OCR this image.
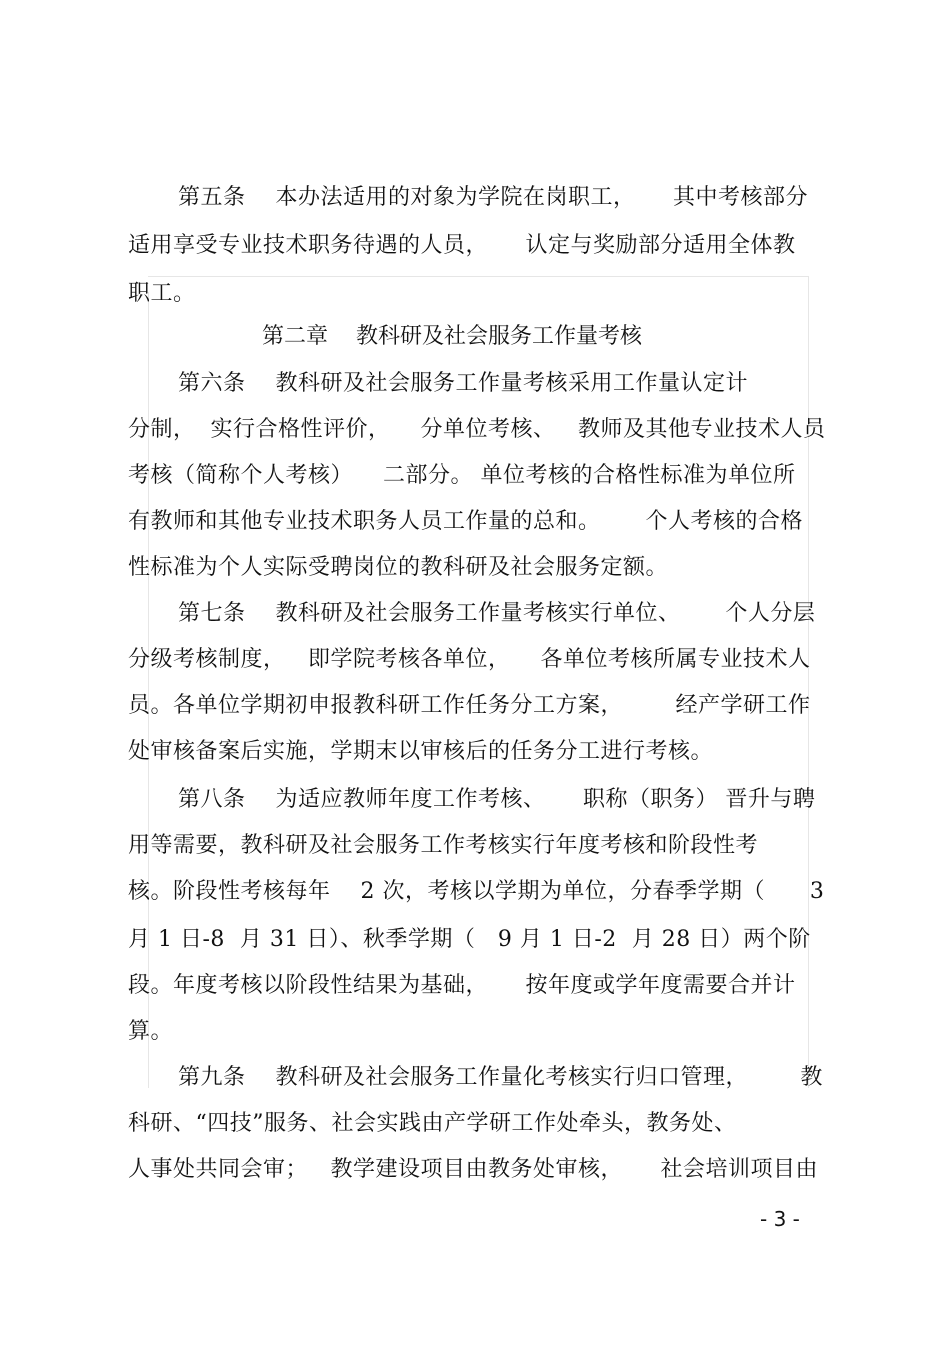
第五条    本办法适用的对象为学院在岗职工，     其中考核部分
适用享受专业技术职务待遇的人员，     认定与奖励部分适用全体教
职工。
第二章    教科研及社会服务工作量考核
第六条    教科研及社会服务工作量考核采用工作量认定计
分制，  实行合格性评价，    分单位考核、   教师及其他专业技术人员
考核（简称个人考核）    二部分。 单位考核的合格性标准为单位所
有教师和其他专业技术职务人员工作量的总和。      个人考核的合格
性标准为个人实际受聘岗位的教科研及社会服务定额。
第七条    教科研及社会服务工作量考核实行单位、      个人分层
分级考核制度，   即学院考核各单位，    各单位考核所属专业技术人
员。各单位学期初申报教科研工作任务分工方案，       经产学研工作
处审核备案后实施，学期末以审核后的任务分工进行考核。
第八条    为适应教师年度工作考核、     职称（职务） 晋升与聘
用等需要，教科研及社会服务工作考核实行年度考核和阶段性考
核。阶段性考核每年    2 次，考核以学期为单位，分春季学期（      3
月 1 日-8  月 31 日）、秋季学期（   9 月 1 日-2  月 28 日）两个阶
段。年度考核以阶段性结果为基础，     按年度或学年度需要合并计
算。
第九条    教科研及社会服务工作量化考核实行归口管理，       教
科研、“四技”服务、社会实践由产学研工作处牵头，教务处、
人事处共同会审；   教学建设项目由教务处审核，     社会培训项目由
- 3 -
